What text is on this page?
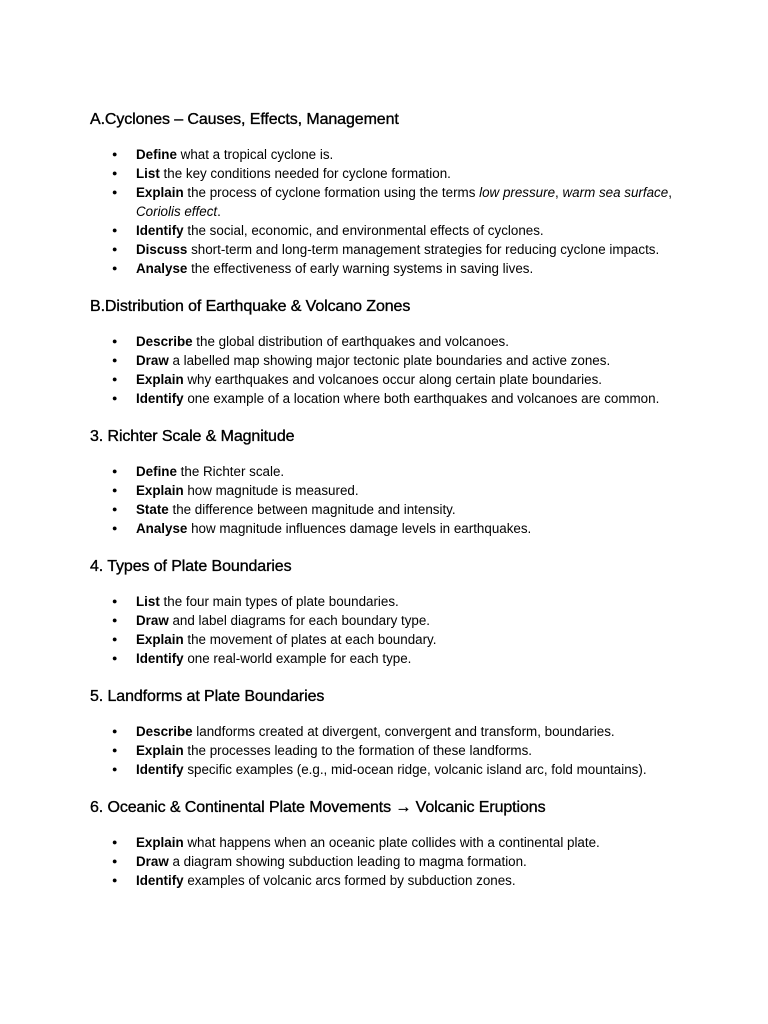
A.Cyclones – Causes, Effects, Management
● Define what a tropical cyclone is.
● List the key conditions needed for cyclone formation.
● Explain the process of cyclone formation using the terms low pressure, warm sea surface, Coriolis effect.
● Identify the social, economic, and environmental effects of cyclones.
● Discuss short-term and long-term management strategies for reducing cyclone impacts.
● Analyse the effectiveness of early warning systems in saving lives.
B.Distribution of Earthquake & Volcano Zones
● Describe the global distribution of earthquakes and volcanoes.
● Draw a labelled map showing major tectonic plate boundaries and active zones.
● Explain why earthquakes and volcanoes occur along certain plate boundaries.
● Identify one example of a location where both earthquakes and volcanoes are common.
3. Richter Scale & Magnitude
● Define the Richter scale.
● Explain how magnitude is measured.
● State the difference between magnitude and intensity.
● Analyse how magnitude influences damage levels in earthquakes.
4. Types of Plate Boundaries
● List the four main types of plate boundaries.
● Draw and label diagrams for each boundary type.
● Explain the movement of plates at each boundary.
● Identify one real-world example for each type.
5. Landforms at Plate Boundaries
● Describe landforms created at divergent, convergent and transform, boundaries.
● Explain the processes leading to the formation of these landforms.
● Identify specific examples (e.g., mid-ocean ridge, volcanic island arc, fold mountains).
6. Oceanic & Continental Plate Movements → Volcanic Eruptions
● Explain what happens when an oceanic plate collides with a continental plate.
● Draw a diagram showing subduction leading to magma formation.
● Identify examples of volcanic arcs formed by subduction zones.
